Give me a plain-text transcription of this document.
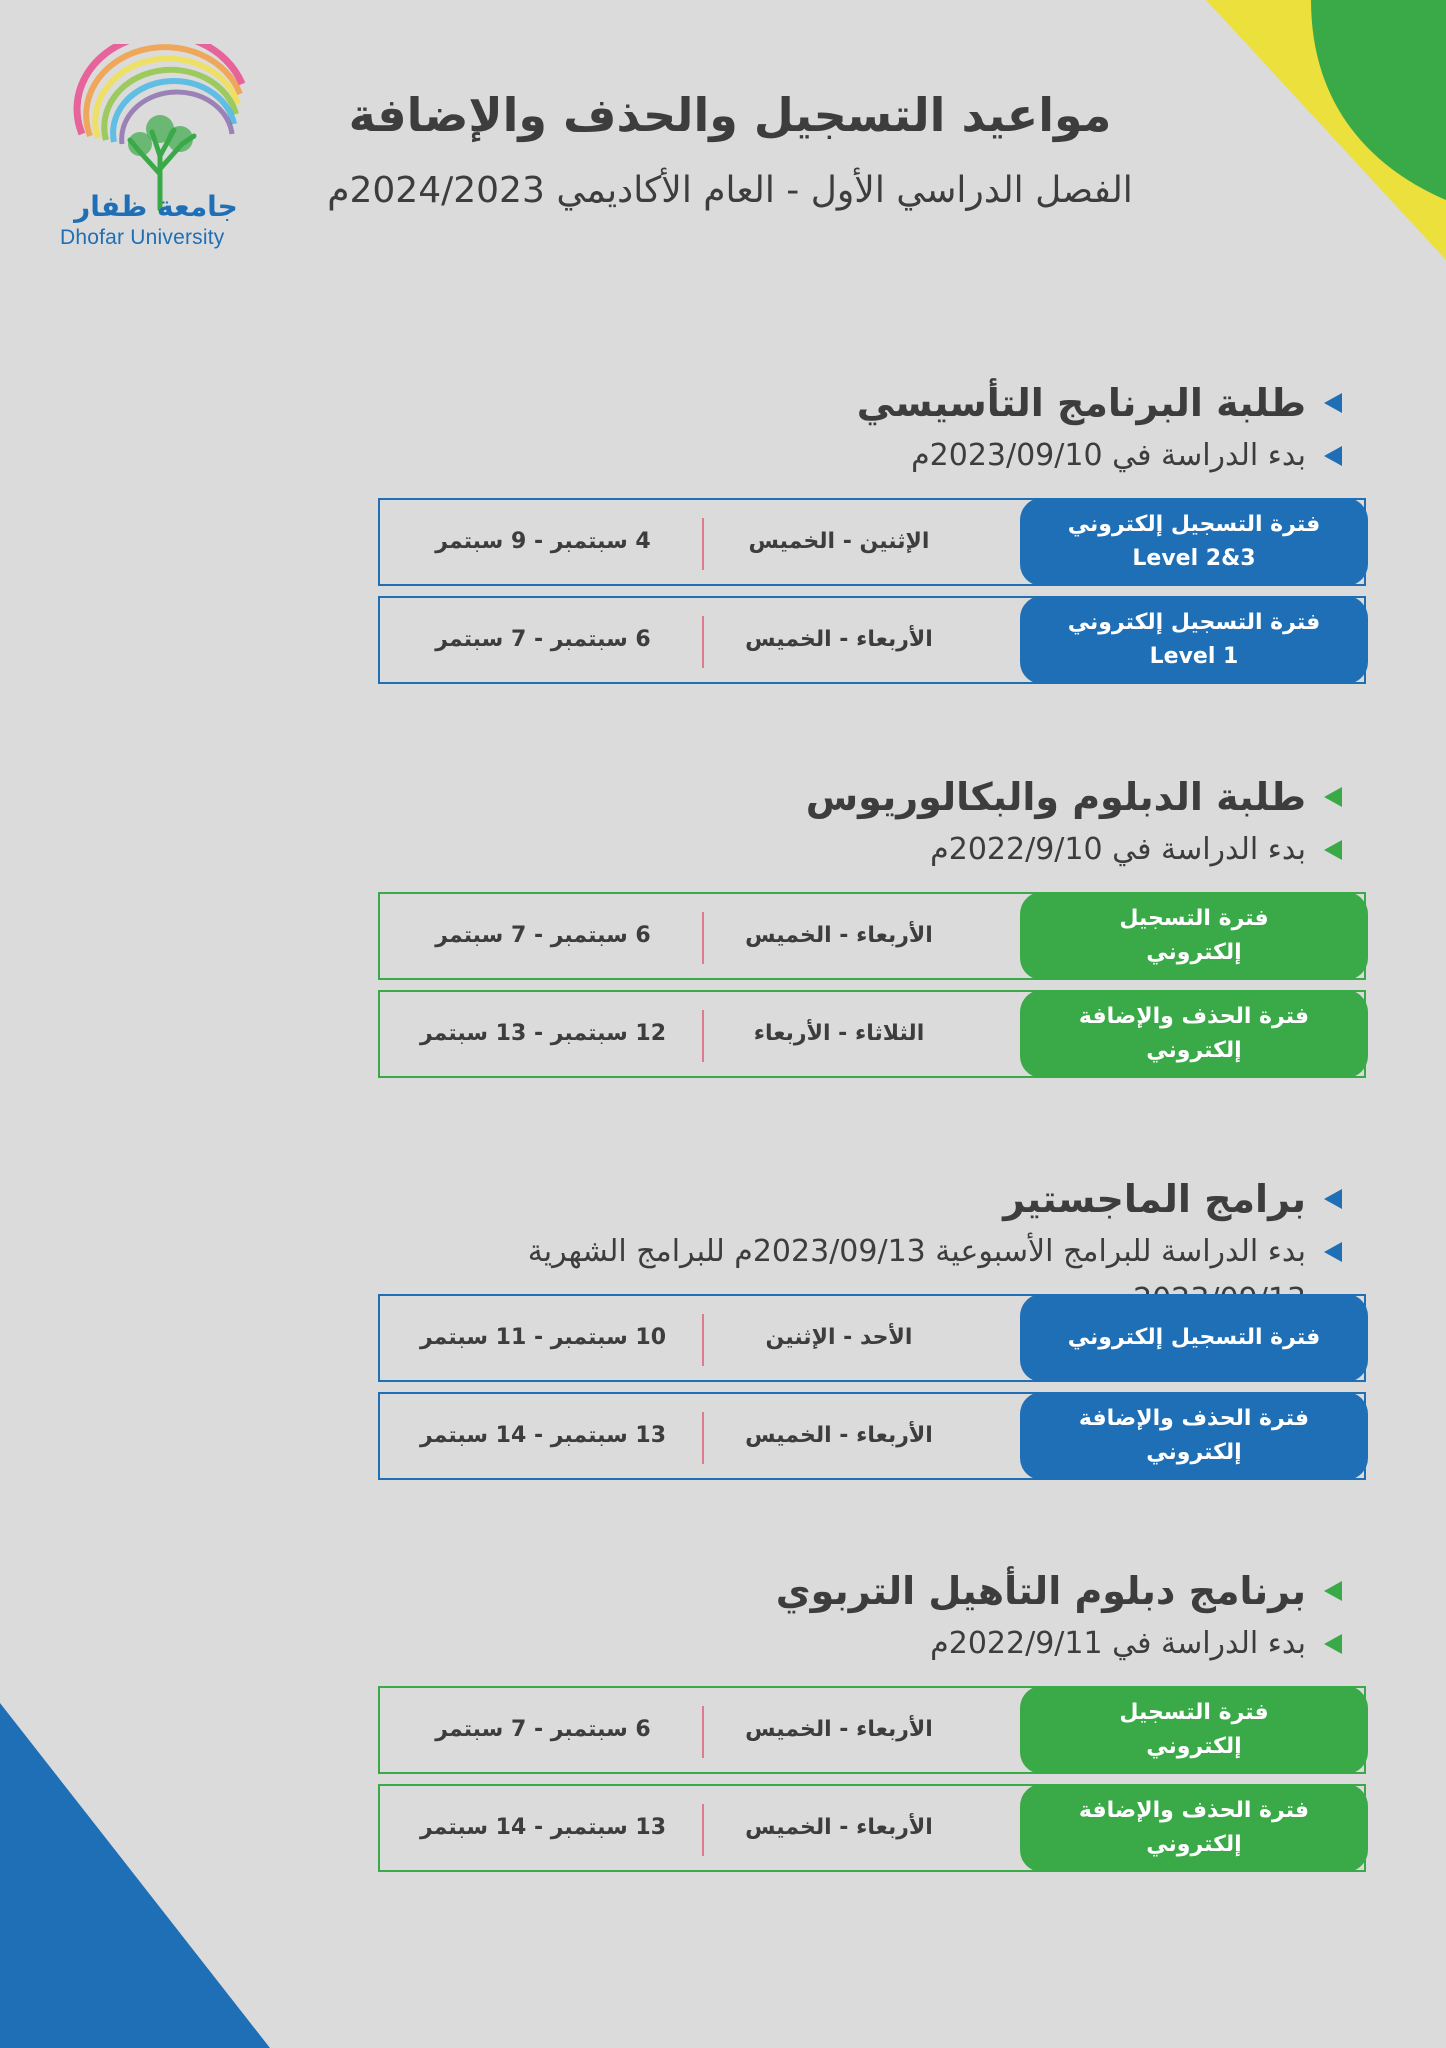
جامعة ظفار
Dhofar University
مواعيد التسجيل والحذف والإضافة
الفصل الدراسي الأول - العام الأكاديمي 2024/2023م
طلبة البرنامج التأسيسي
بدء الدراسة في 2023/09/10م
فترة التسجيل إلكتروني
Level 2&3
الإثنين - الخميس
4 سبتمبر - 9 سبتمر
فترة التسجيل إلكتروني
Level 1
الأربعاء - الخميس
6 سبتمبر - 7 سبتمر
طلبة الدبلوم والبكالوريوس
بدء الدراسة في 2022/9/10م
فترة التسجيل
إلكتروني
الأربعاء - الخميس
6 سبتمبر - 7 سبتمر
فترة الحذف والإضافة
إلكتروني
الثلاثاء - الأربعاء
12 سبتمبر - 13 سبتمر
برامج الماجستير
بدء الدراسة للبرامج الأسبوعية 2023/09/13م للبرامج الشهرية
فترة التسجيل إلكتروني
الأحد - الإثنين
10 سبتمبر - 11 سبتمر
فترة الحذف والإضافة
إلكتروني
الأربعاء - الخميس
13 سبتمبر - 14 سبتمر
برنامج دبلوم التأهيل التربوي
بدء الدراسة في 2022/9/11م
فترة التسجيل
إلكتروني
الأربعاء - الخميس
6 سبتمبر - 7 سبتمر
فترة الحذف والإضافة
إلكتروني
الأربعاء - الخميس
13 سبتمبر - 14 سبتمر
